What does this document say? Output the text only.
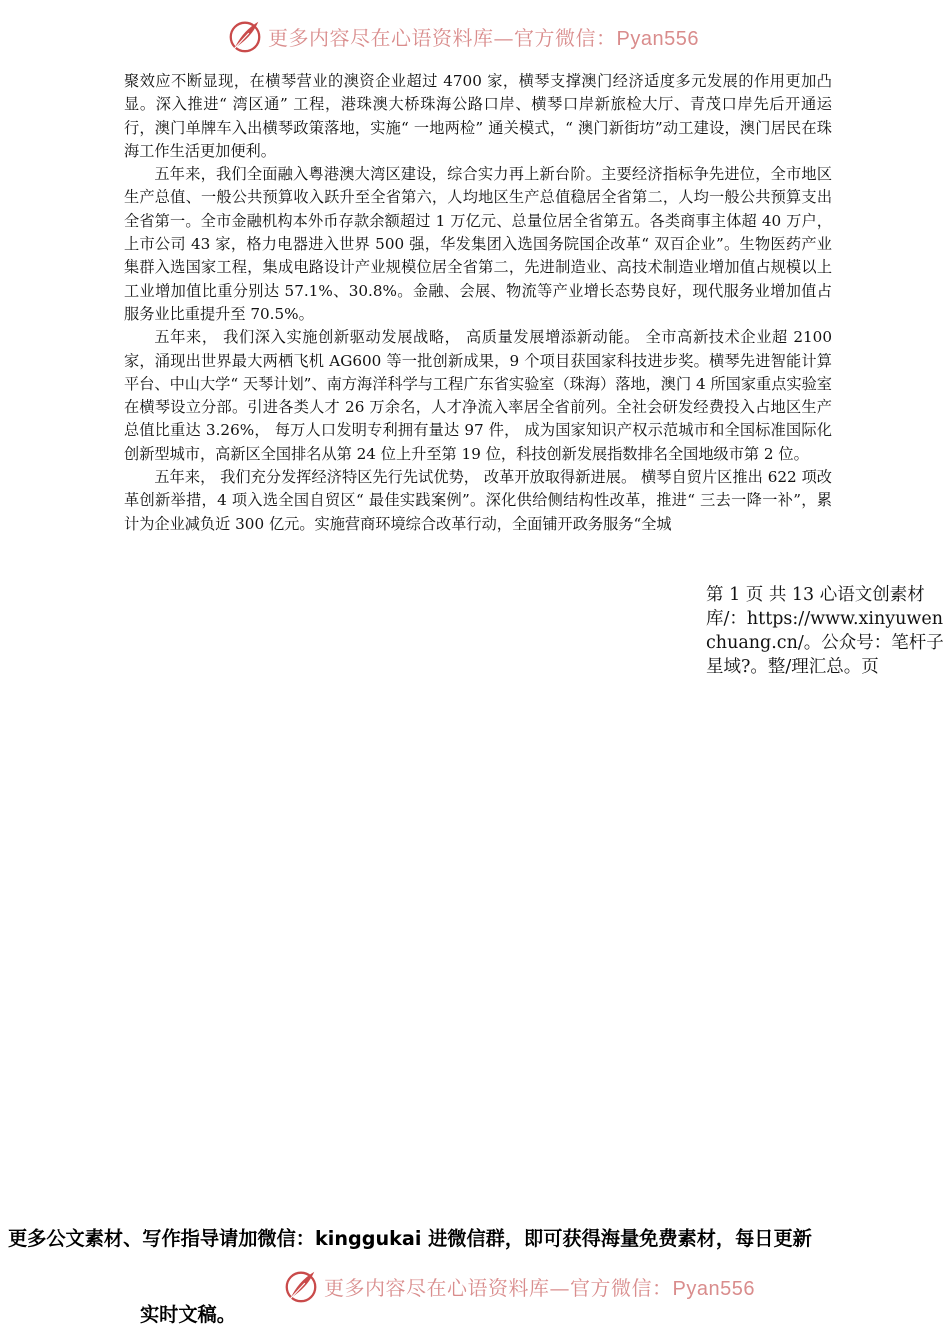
更多内容尽在心语资料库—官方微信：Pyan556

聚效应不断显现，在横琴营业的澳资企业超过 4700 家，横琴支撑澳门经济适度多元发展的作用更加凸显。深入推进“ 湾区通” 工程，港珠澳大桥珠海公路口岸、横琴口岸新旅检大厅、青茂口岸先后开通运行，澳门单牌车入出横琴政策落地，实施“ 一地两检” 通关模式，“ 澳门新街坊”动工建设，澳门居民在珠海工作生活更加便利。

五年来，我们全面融入粤港澳大湾区建设，综合实力再上新台阶。主要经济指标争先进位，全市地区生产总值、一般公共预算收入跃升至全省第六，人均地区生产总值稳居全省第二，人均一般公共预算支出全省第一。全市金融机构本外币存款余额超过 1 万亿元、总量位居全省第五。各类商事主体超 40 万户，上市公司 43 家，格力电器进入世界 500 强，华发集团入选国务院国企改革“ 双百企业”。生物医药产业集群入选国家工程，集成电路设计产业规模位居全省第二，先进制造业、高技术制造业增加值占规模以上工业增加值比重分别达 57.1%、30.8%。金融、会展、物流等产业增长态势良好，现代服务业增加值占服务业比重提升至 70.5%。

五年来， 我们深入实施创新驱动发展战略， 高质量发展增添新动能。 全市高新技术企业超 2100 家，涌现出世界最大两栖飞机 AG600 等一批创新成果，9 个项目获国家科技进步奖。横琴先进智能计算平台、中山大学“ 天琴计划”、南方海洋科学与工程广东省实验室（珠海）落地，澳门 4 所国家重点实验室在横琴设立分部。引进各类人才 26 万余名，人才净流入率居全省前列。全社会研发经费投入占地区生产总值比重达 3.26%， 每万人口发明专利拥有量达 97 件， 成为国家知识产权示范城市和全国标准国际化创新型城市，高新区全国排名从第 24 位上升至第 19 位，科技创新发展指数排名全国地级市第 2 位。

五年来， 我们充分发挥经济特区先行先试优势， 改革开放取得新进展。 横琴自贸片区推出 622 项改革创新举措，4 项入选全国自贸区“ 最佳实践案例”。深化供给侧结构性改革，推进“ 三去一降一补”，累计为企业减负近 300 亿元。实施营商环境综合改革行动，全面铺开政务服务“全城

第 1 页 共 13 心语文创素材库/：https://www.xinyuwenchuang.cn/。公众号：笔杆子星域?。整/理汇总。页
更多公文素材、写作指导请加微信：kinggukai 进微信群，即可获得海量免费素材，每日更新
更多内容尽在心语资料库—官方微信：Pyan556
实时文稿。
